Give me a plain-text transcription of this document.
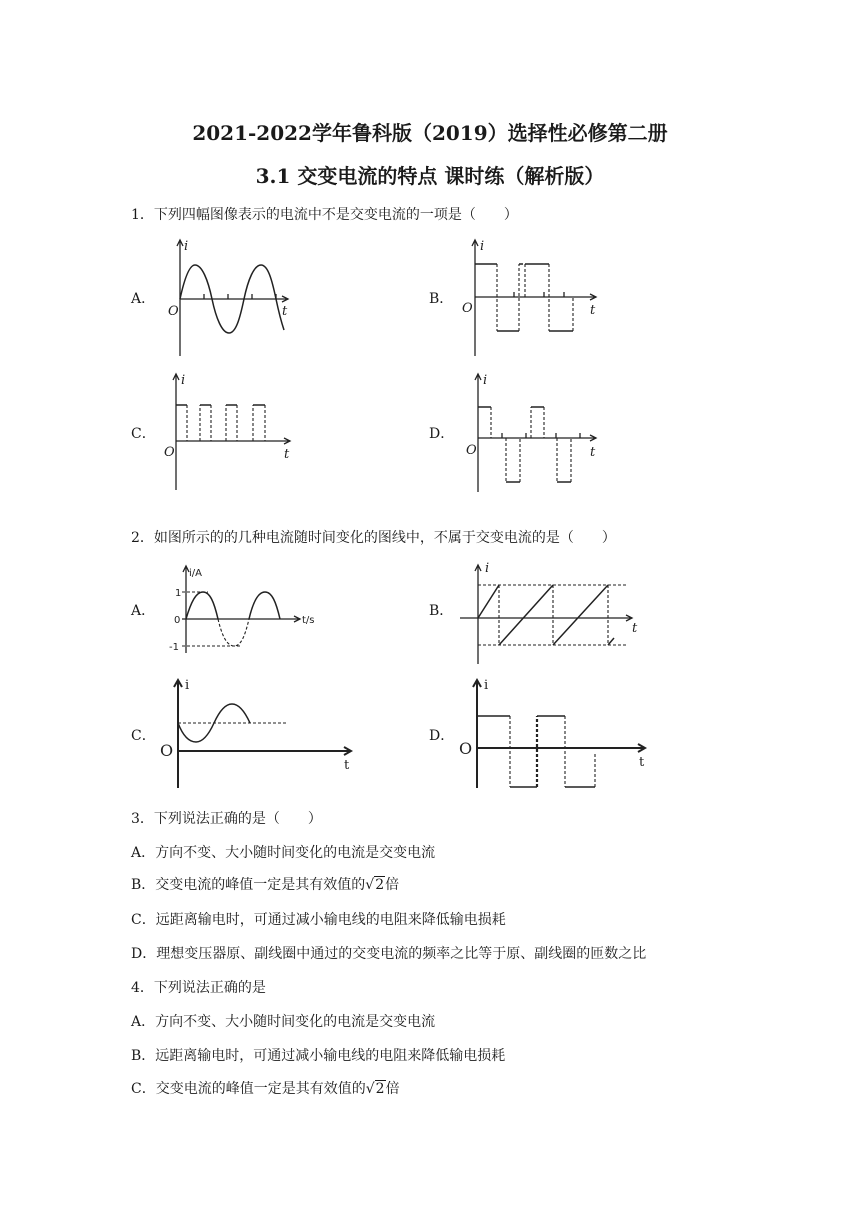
2021-2022学年鲁科版（2019）选择性必修第二册
3.1 交变电流的特点 课时练（解析版）
1．下列四幅图像表示的电流中不是交变电流的一项是（　　）
A．
i
t
O
B．
i
t
O
C．
i
t
O
D．
i
t
O
2．如图所示的的几种电流随时间变化的图线中，不属于交变电流的是（　　）
A．
i/A
t/s
1
-1
0
B．
i
t
C．
i
t
O
D．
i
t
O
3．下列说法正确的是（　　）
A．方向不变、大小随时间变化的电流是交变电流
B．交变电流的峰值一定是其有效值的√2倍
C．远距离输电时，可通过减小输电线的电阻来降低输电损耗
D．理想变压器原、副线圈中通过的交变电流的频率之比等于原、副线圈的匝数之比
4．下列说法正确的是
A．方向不变、大小随时间变化的电流是交变电流
B．远距离输电时，可通过减小输电线的电阻来降低输电损耗
C．交变电流的峰值一定是其有效值的√2倍
